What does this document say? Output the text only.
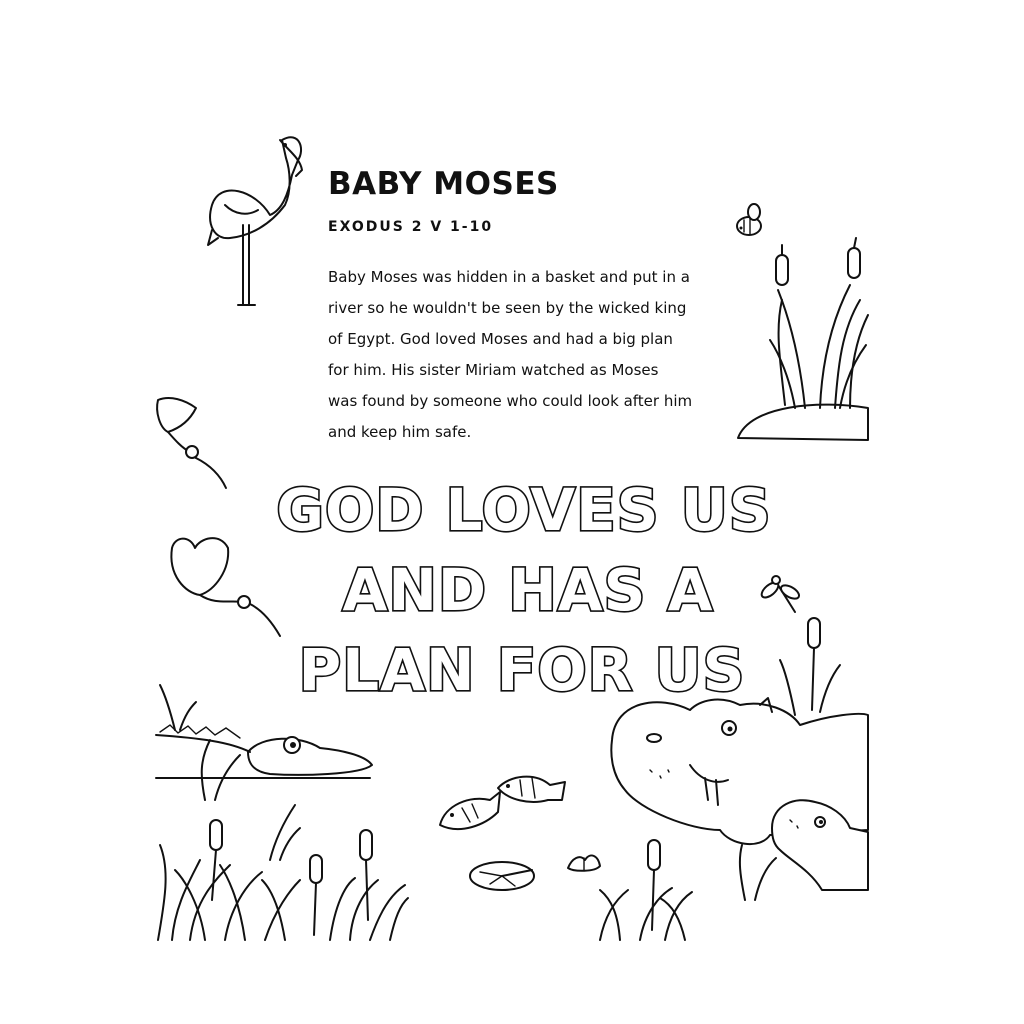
BABY MOSES
EXODUS 2 V 1-10
Baby Moses was hidden in a basket and put in a
river so he wouldn't be seen by the wicked king
of Egypt. God loved Moses and had a big plan
for him. His sister Miriam watched as Moses
was found by someone who could look after him
and keep him safe.
GOD LOVES US
AND HAS A
PLAN FOR US
